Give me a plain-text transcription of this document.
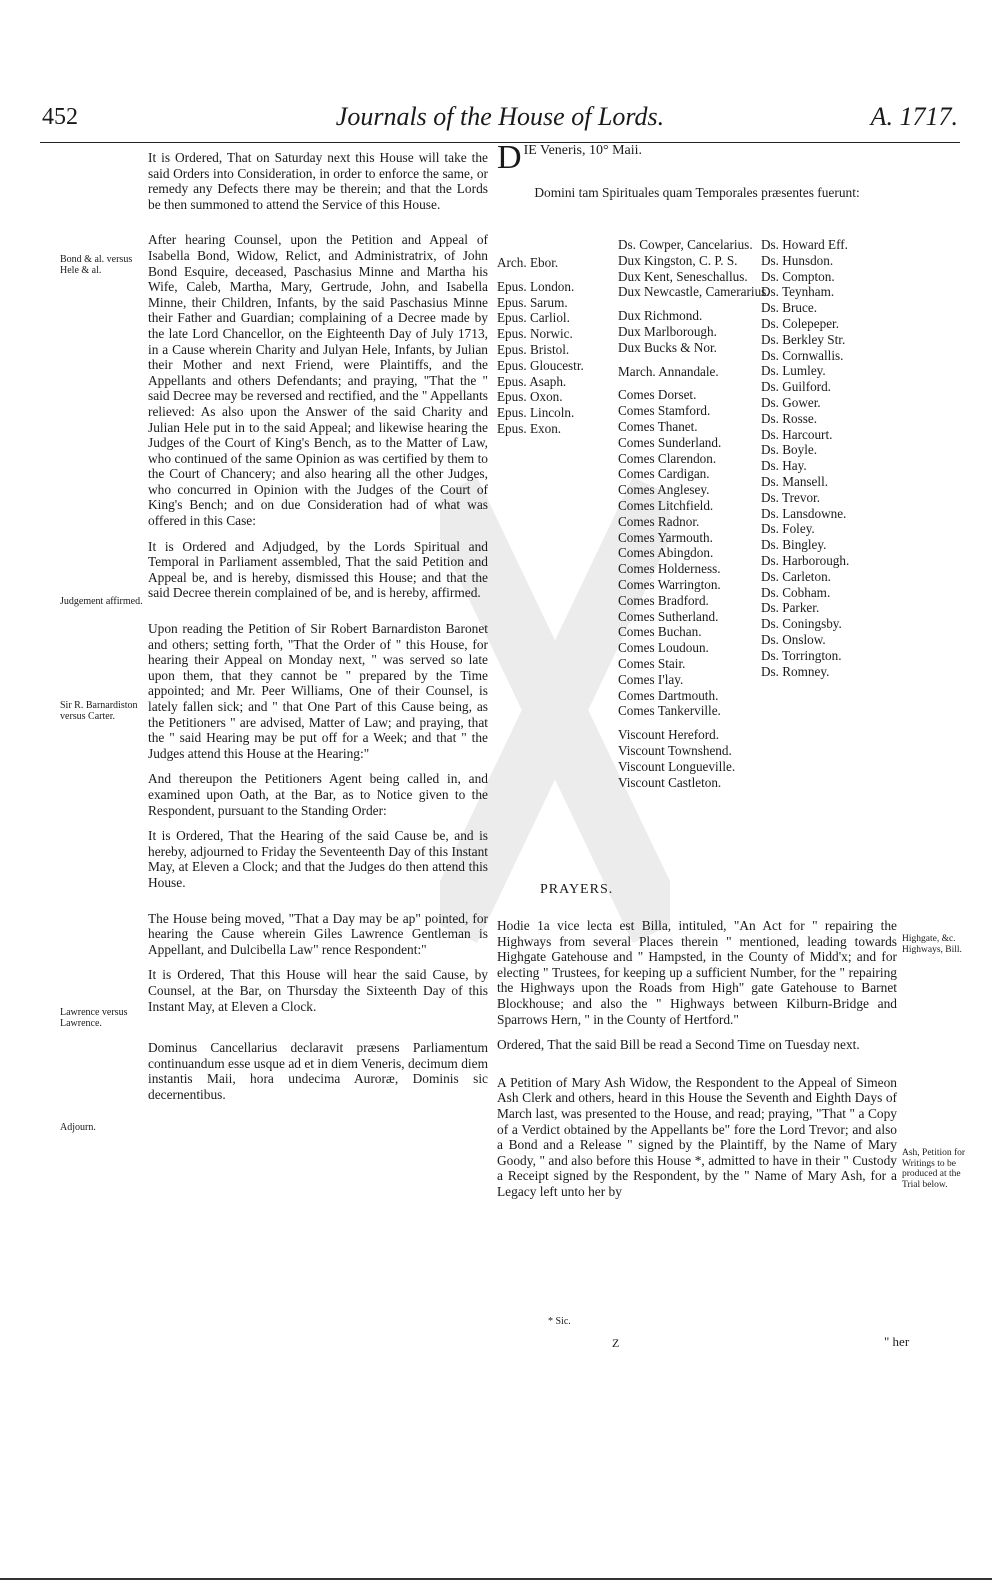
452	Journals of the House of Lords.	A. 1717.

It is Ordered, That on Saturday next this House will take the said Orders into Consideration, in order to enforce the same, or remedy any Defects there may be therein; and that the Lords be then summoned to attend the Service of this House.

After hearing Counsel, upon the Petition and Appeal of Isabella Bond, Widow, Relict, and Administratrix, of John Bond Esquire, deceased, Paschasius Minne and Martha his Wife, Caleb, Martha, Mary, Gertrude, John, and Isabella Minne, their Children, Infants, by the said Paschasius Minne their Father and Guardian; complaining of a Decree made by the late Lord Chancellor, on the Eighteenth Day of July 1713, in a Cause wherein Charity and Julyan Hele, Infants, by Julian their Mother and next Friend, were Plaintiffs, and the Appellants and others Defendants; and praying, "That the " said Decree may be reversed and rectified, and the " Appellants relieved: As also upon the Answer of the said Charity and Julian Hele put in to the said Appeal; and likewise hearing the Judges of the Court of King's Bench, as to the Matter of Law, who continued of the same Opinion as was certified by them to the Court of Chancery; and also hearing all the other Judges, who concurred in Opinion with the Judges of the Court of King's Bench; and on due Consideration had of what was offered in this Case:

It is Ordered and Adjudged, by the Lords Spiritual and Temporal in Parliament assembled, That the said Petition and Appeal be, and is hereby, dismissed this House; and that the said Decree therein complained of be, and is hereby, affirmed.

Upon reading the Petition of Sir Robert Barnardiston Baronet and others; setting forth, "That the Order of " this House, for hearing their Appeal on Monday next, " was served so late upon them, that they cannot be " prepared by the Time appointed; and Mr. Peer Williams, One of their Counsel, is lately fallen sick; and " that One Part of this Cause being, as the Petitioners " are advised, Matter of Law; and praying, that the " said Hearing may be put off for a Week; and that " the Judges attend this House at the Hearing:"

And thereupon the Petitioners Agent being called in, and examined upon Oath, at the Bar, as to Notice given to the Respondent, pursuant to the Standing Order:

It is Ordered, That the Hearing of the said Cause be, and is hereby, adjourned to Friday the Seventeenth Day of this Instant May, at Eleven a Clock; and that the Judges do then attend this House.

The House being moved, "That a Day may be ap" pointed, for hearing the Cause wherein Giles Lawrence Gentleman is Appellant, and Dulcibella Law" rence Respondent:"

It is Ordered, That this House will hear the said Cause, by Counsel, at the Bar, on Thursday the Sixteenth Day of this Instant May, at Eleven a Clock.

Dominus Cancellarius declaravit præsens Parliamentum continuandum esse usque ad et in diem Veneris, decimum diem instantis Maii, hora undecima Auroræ, Dominis sic decernentibus.

Bond & al. versus Hele & al.
Judgement affirmed.
Sir R. Barnardiston versus Carter.
Lawrence versus Lawrence.
Adjourn.

D IE Veneris, 10° Maii.

Domini tam Spirituales quam Temporales præsentes fuerunt:

Arch. Ebor.
Epus. London.
Epus. Sarum.
Epus. Carliol.
Epus. Norwic.
Epus. Bristol.
Epus. Gloucestr.
Epus. Asaph.
Epus. Oxon.
Epus. Lincoln.
Epus. Exon.
Ds. Cowper, Cancelarius.
Dux Kingston, C. P. S.
Dux Kent, Seneschallus.
Dux Newcastle, Camerarius.
Dux Richmond.
Dux Marlborough.
Dux Bucks & Nor.
March. Annandale.
Comes Dorset.
Comes Stamford.
Comes Thanet.
Comes Sunderland.
Comes Clarendon.
Comes Cardigan.
Comes Anglesey.
Comes Litchfield.
Comes Radnor.
Comes Yarmouth.
Comes Abingdon.
Comes Holderness.
Comes Warrington.
Comes Bradford.
Comes Sutherland.
Comes Buchan.
Comes Loudoun.
Comes Stair.
Comes I'lay.
Comes Dartmouth.
Comes Tankerville.
Viscount Hereford.
Viscount Townshend.
Viscount Longueville.
Viscount Castleton.
Ds. Howard Eff.
Ds. Hunsdon.
Ds. Compton.
Ds. Teynham.
Ds. Bruce.
Ds. Colepeper.
Ds. Berkley Str.
Ds. Cornwallis.
Ds. Lumley.
Ds. Guilford.
Ds. Gower.
Ds. Rosse.
Ds. Harcourt.
Ds. Boyle.
Ds. Hay.
Ds. Mansell.
Ds. Trevor.
Ds. Lansdowne.
Ds. Foley.
Ds. Bingley.
Ds. Harborough.
Ds. Carleton.
Ds. Cobham.
Ds. Parker.
Ds. Coningsby.
Ds. Onslow.
Ds. Torrington.
Ds. Romney.
PRAYERS.

Hodie 1a vice lecta est Billa, intituled, "An Act for " repairing the Highways from several Places therein " mentioned, leading towards Highgate Gatehouse and " Hampsted, in the County of Midd'x; and for electing " Trustees, for keeping up a sufficient Number, for the " repairing the Highways upon the Roads from High" gate Gatehouse to Barnet Blockhouse; and also the " Highways between Kilburn-Bridge and Sparrows Hern, " in the County of Hertford."

Ordered, That the said Bill be read a Second Time on Tuesday next.

A Petition of Mary Ash Widow, the Respondent to the Appeal of Simeon Ash Clerk and others, heard in this House the Seventh and Eighth Days of March last, was presented to the House, and read; praying, "That " a Copy of a Verdict obtained by the Appellants be" fore the Lord Trevor; and also a Bond and a Release " signed by the Plaintiff, by the Name of Mary Goody, " and also before this House *, admitted to have in their " Custody a Receipt signed by the Respondent, by the " Name of Mary Ash, for a Legacy left unto her by

Highgate, &c. Highways, Bill.
Ash, Petition for Writings to be produced at the Trial below.
* Sic.
Z	" her
